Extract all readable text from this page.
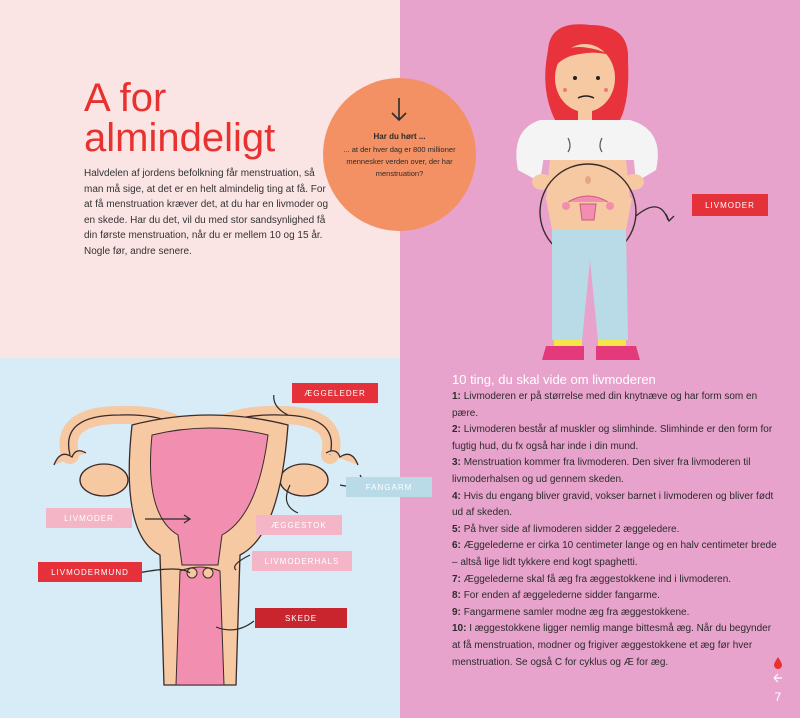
A for
almindeligt

Halvdelen af jordens befolkning får menstruation, så man må sige, at det er en helt almindelig ting at få. For at få menstruation kræver det, at du har en livmoder og en skede. Har du det, vil du med stor sandsynlighed få din første menstruation, når du er mellem 10 og 15 år. Nogle før, andre senere.

Har du hørt ...
... at der hver dag er 800 millioner mennesker verden over, der har menstruation?
LIVMODER
ÆGGELEDER
FANGARM
LIVMODER
ÆGGESTOK
LIVMODERHALS
LIVMODERMUND
SKEDE
10 ting, du skal vide om livmoderen

1: Livmoderen er på størrelse med din knytnæve og har form som en pære.

2: Livmoderen består af muskler og slimhinde. Slimhinde er den form for fugtig hud, du fx også har inde i din mund.

3: Menstruation kommer fra livmoderen. Den siver fra livmoderen til livmoderhalsen og ud gennem skeden.

4: Hvis du engang bliver gravid, vokser barnet i livmoderen og bliver født ud af skeden.

5: På hver side af livmoderen sidder 2 æggeledere.

6: Æggelederne er cirka 10 centimeter lange og en halv centimeter brede – altså lige lidt tykkere end kogt spaghetti.

7: Æggelederne skal få æg fra æggestokkene ind i livmoderen.

8: For enden af æggelederne sidder fangarme.

9: Fangarmene samler modne æg fra æggestokkene.

10: I æggestokkene ligger nemlig mange bittesmå æg. Når du begynder at få menstruation, modner og frigiver æggestokkene et æg før hver menstruation. Se også C for cyklus og Æ for æg.

7
